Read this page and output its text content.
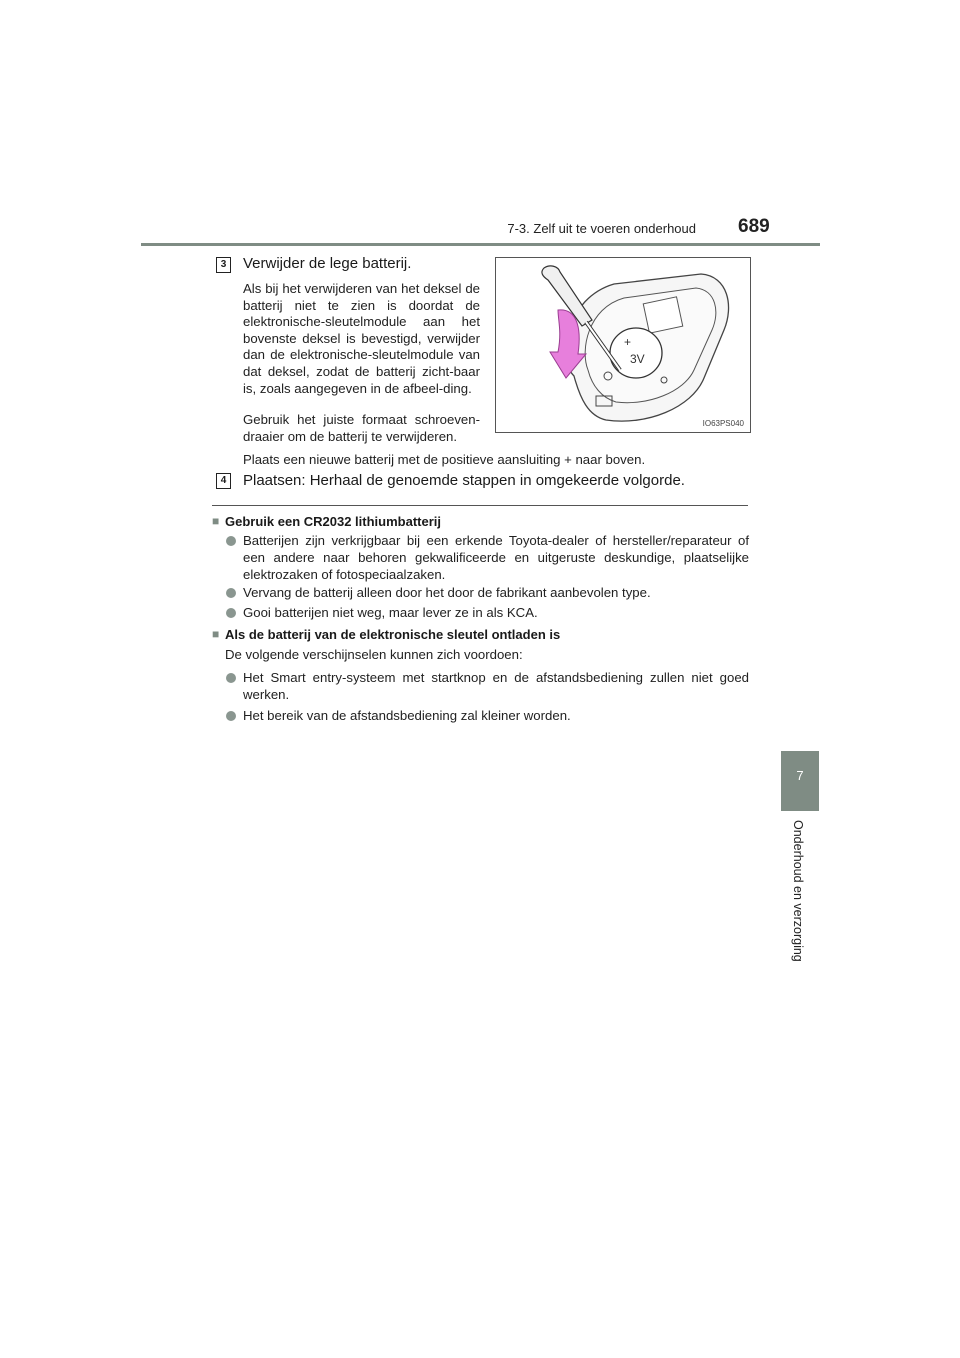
7-3. Zelf uit te voeren onderhoud 689
7
Onderhoud en verzorging
3	Verwijder de lege batterij.
Als bij het verwijderen van het deksel de batterij niet te zien is doordat de elektronische-sleutelmodule aan het bovenste deksel is bevestigd, verwijder dan de elektronische-sleutelmodule van dat deksel, zodat de batterij zicht-baar is, zoals aangegeven in de afbeel-ding.
Gebruik het juiste formaat schroeven-draaier om de batterij te verwijderen.
Plaats een nieuwe batterij met de positieve aansluiting + naar boven.
+
3V
IO63PS040
4	Plaatsen: Herhaal de genoemde stappen in omgekeerde volgorde.
■ Gebruik een CR2032 lithiumbatterij
Batterijen zijn verkrijgbaar bij een erkende Toyota-dealer of hersteller/reparateur of een andere naar behoren gekwalificeerde en uitgeruste deskundige, plaatselijke elektrozaken of fotospeciaalzaken.
Vervang de batterij alleen door het door de fabrikant aanbevolen type.
Gooi batterijen niet weg, maar lever ze in als KCA.
■ Als de batterij van de elektronische sleutel ontladen is
De volgende verschijnselen kunnen zich voordoen:
Het Smart entry-systeem met startknop en de afstandsbediening zullen niet goed werken.
Het bereik van de afstandsbediening zal kleiner worden.
